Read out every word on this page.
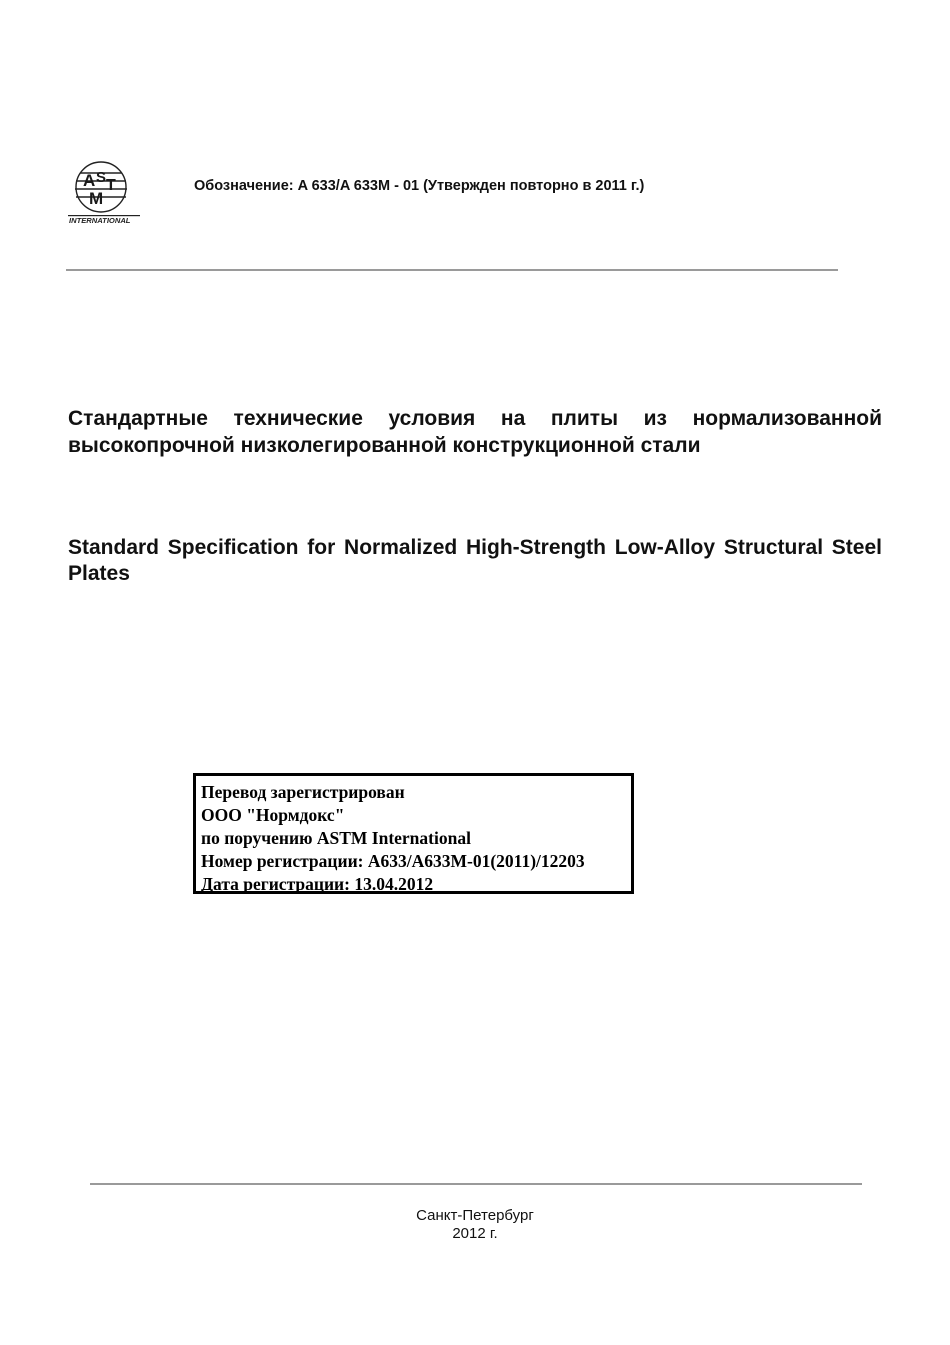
A S T
M
INTERNATIONAL
Обозначение: A 633/A 633M - 01 (Утвержден повторно в 2011 г.)
Стандартные технические условия на плиты из нормализованной высокопрочной низколегированной конструкционной стали
Standard Specification for Normalized High-Strength Low-Alloy Structural Steel Plates
Перевод зарегистрирован
ООО "Нормдокс"
по поручению ASTM International
Номер регистрации: A633/A633M-01(2011)/12203
Дата регистрации: 13.04.2012
Санкт-Петербург
2012 г.
